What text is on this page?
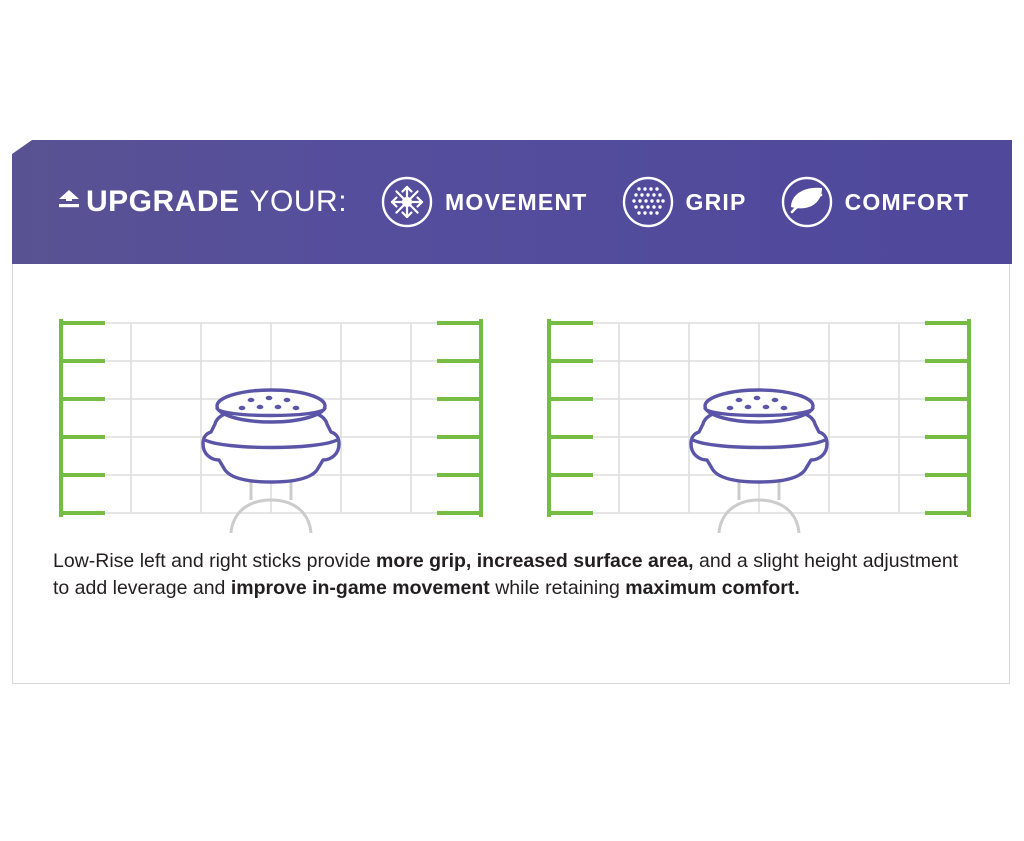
UPGRADE YOUR:	MOVEMENT	GRIP	COMFORT
Low-Rise left and right sticks provide more grip, increased surface area, and a slight height adjustment to add leverage and improve in-game movement while retaining maximum comfort.
